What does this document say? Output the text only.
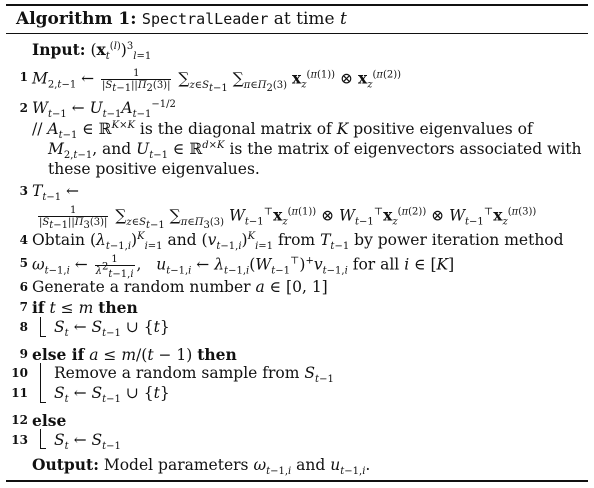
Algorithm 1: SpectralLeader at time t
Input: $(x_t^{(l)})^3_{l=1}$
1 $M_{2,t-1}$ ← $\frac{1}{|S_{t-1}||\Pi_2(3)|} \sum_{z\in S_{t-1}}$ $\sum_{\pi\in\Pi_2(3)}$ $x_z^{(\pi(1))}$ ⊗ $x_z^{(\pi(2))}$
2 $W_{t-1}$ ← $U_{t-1}A_{t-1}^{-1/2}$
// $A_{t-1}$ ∈ ℝ$^{K\times K}$ is the diagonal matrix of K positive eigenvalues of
$M_{2,t-1}$, and $U_{t-1}$ ∈ ℝ$^{d\times K}$ is the matrix of eigenvectors associated with
these positive eigenvalues.
3 $T_{t-1}$ ←
$\frac{1}{|S_{t-1}||\Pi_3(3)|} \sum_{z\in S_{t-1}}$ $\sum_{\pi\in\Pi_3(3)}$ $W_{t-1}^⊤x_z^{(\pi(1))}$ ⊗ $W_{t-1}^⊤x_z^{(\pi(2))}$ ⊗ $W_{t-1}^⊤x_z^{(\pi(3))}$
4 Obtain $(\lambda_{t-1,i})^K_{i=1}$ and $(v_{t-1,i})^K_{i=1}$ from $T_{t-1}$ by power iteration method
5 $\omega_{t-1,i}$ ← $\frac{1}{\lambda^2_{t-1,i}}$ ,   $u_{t-1,i}$ ← $\lambda_{t-1,i}(W_{t-1}^⊤)^+v_{t-1,i}$ for all i ∈ [K]
6 Generate a random number a ∈ [0, 1]
7 if t ≤ m then
8 $S_t$ ← $S_{t-1}$ ∪ {t}
9 else if a ≤ m/(t − 1) then
10 Remove a random sample from $S_{t-1}$
11 $S_t$ ← $S_{t-1}$ ∪ {t}
12 else
13 $S_t$ ← $S_{t-1}$
Output: Model parameters $\omega_{t-1,i}$ and $u_{t-1,i}$.
